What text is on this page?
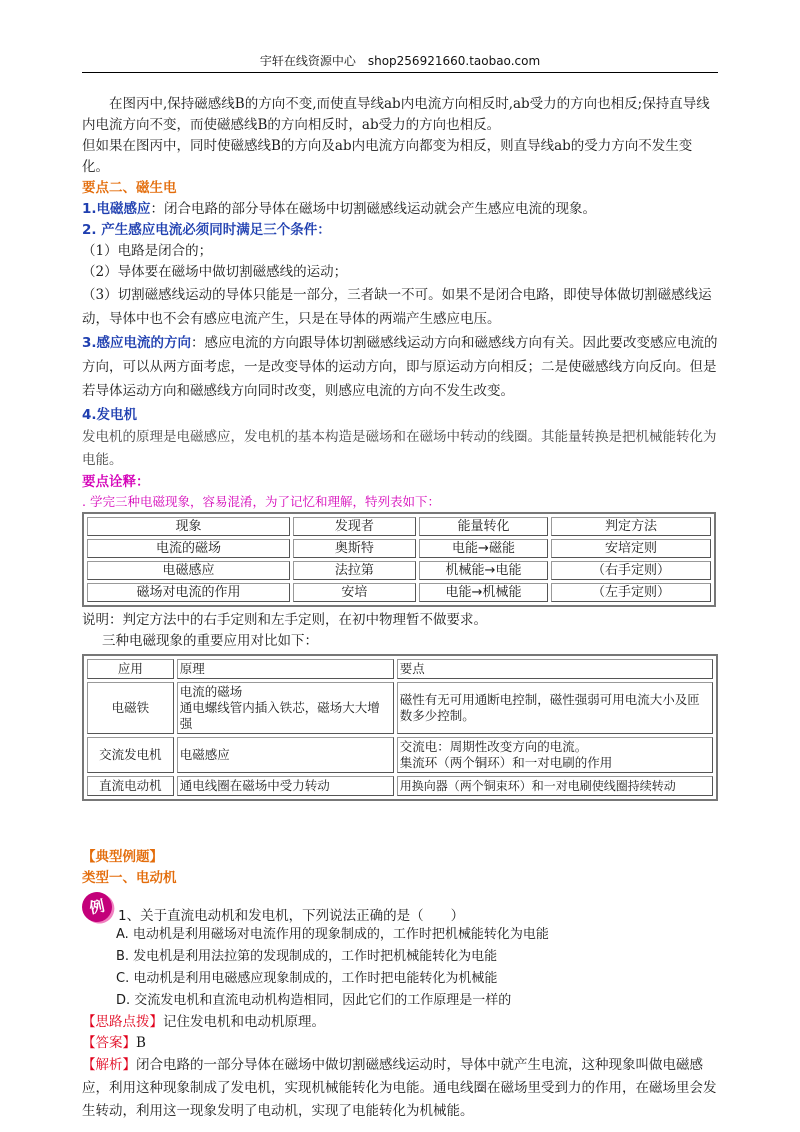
宇轩在线资源中心　shop256921660.taobao.com

在图丙中,保持磁感线B的方向不变,而使直导线ab内电流方向相反时,ab受力的方向也相反;保持直导线内电流方向不变，而使磁感线B的方向相反时，ab受力的方向也相反。

但如果在图丙中，同时使磁感线B的方向及ab内电流方向都变为相反，则直导线ab的受力方向不发生变化。

要点二、磁生电

1.电磁感应：闭合电路的部分导体在磁场中切割磁感线运动就会产生感应电流的现象。

2. 产生感应电流必须同时满足三个条件：

（1）电路是闭合的；

（2）导体要在磁场中做切割磁感线的运动；

（3）切割磁感线运动的导体只能是一部分，三者缺一不可。如果不是闭合电路，即使导体做切割磁感线运动，导体中也不会有感应电流产生，只是在导体的两端产生感应电压。

3.感应电流的方向：感应电流的方向跟导体切割磁感线运动方向和磁感线方向有关。因此要改变感应电流的方向，可以从两方面考虑，一是改变导体的运动方向，即与原运动方向相反；二是使磁感线方向反向。但是若导体运动方向和磁感线方向同时改变，则感应电流的方向不发生改变。

4.发电机

发电机的原理是电磁感应，发电机的基本构造是磁场和在磁场中转动的线圈。其能量转换是把机械能转化为电能。

要点诠释：

. 学完三种电磁现象，容易混淆，为了记忆和理解，特列表如下：

现象	发现者	能量转化	判定方法
电流的磁场	奥斯特	电能→磁能	安培定则
电磁感应	法拉第	机械能→电能	（右手定则）
磁场对电流的作用	安培	电能→机械能	（左手定则）

说明：判定方法中的右手定则和左手定则，在初中物理暂不做要求。

三种电磁现象的重要应用对比如下：

应用	原理	要点
电磁铁	电流的磁场
通电螺线管内插入铁芯，磁场大大增强	磁性有无可用通断电控制，磁性强弱可用电流大小及匝数多少控制。
交流发电机	电磁感应	交流电：周期性改变方向的电流。
集流环（两个铜环）和一对电刷的作用

直流电动机	通电线圈在磁场中受力转动	用换向器（两个铜束环）和一对电刷使线圈持续转动

【典型例题】

类型一、电动机

例 1、关于直流电动机和发电机，下列说法正确的是（　　）
A. 电动机是利用磁场对电流作用的现象制成的，工作时把机械能转化为电能
B. 发电机是利用法拉第的发现制成的，工作时把机械能转化为电能
C. 电动机是利用电磁感应现象制成的，工作时把电能转化为机械能
D. 交流发电机和直流电动机构造相同，因此它们的工作原理是一样的

【思路点拨】记住发电机和电动机原理。

【答案】B

【解析】闭合电路的一部分导体在磁场中做切割磁感线运动时，导体中就产生电流，这种现象叫做电磁感应，利用这种现象制成了发电机，实现机械能转化为电能。通电线圈在磁场里受到力的作用，在磁场里会发生转动，利用这一现象发明了电动机，实现了电能转化为机械能。
